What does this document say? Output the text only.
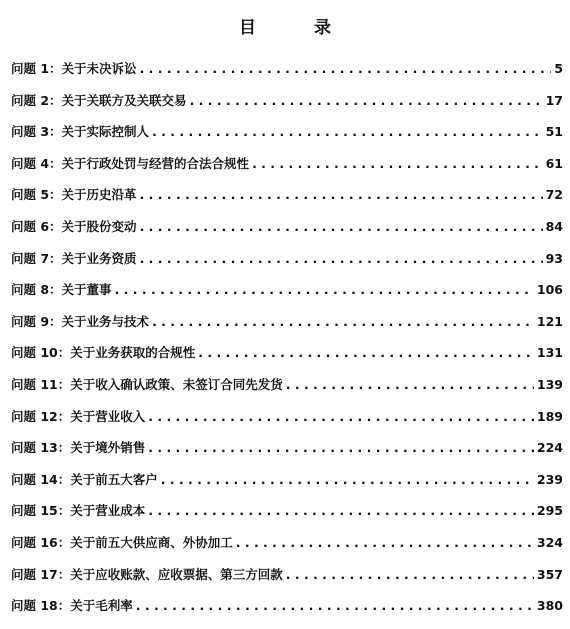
目 录
问题 1：关于未决诉讼 . . .	5
问题 2：关于关联方及关联交易 . . .	17
问题 3：关于实际控制人 . . .	51
问题 4：关于行政处罚与经营的合法合规性 . . .	61
问题 5：关于历史沿革 . . .	72
问题 6：关于股份变动 . . .	84
问题 7：关于业务资质 . . .	93
问题 8：关于董事 . . .	106
问题 9：关于业务与技术 . . .	121
问题 10：关于业务获取的合规性 . . .	131
问题 11：关于收入确认政策、未签订合同先发货 . . .	139
问题 12：关于营业收入 . . .	189
问题 13：关于境外销售 . . .	224
问题 14：关于前五大客户 . . .	239
问题 15：关于营业成本 . . .	295
问题 16：关于前五大供应商、外协加工 . . .	324
问题 17：关于应收账款、应收票据、第三方回款 . . .	357
问题 18：关于毛利率 . . .	380
